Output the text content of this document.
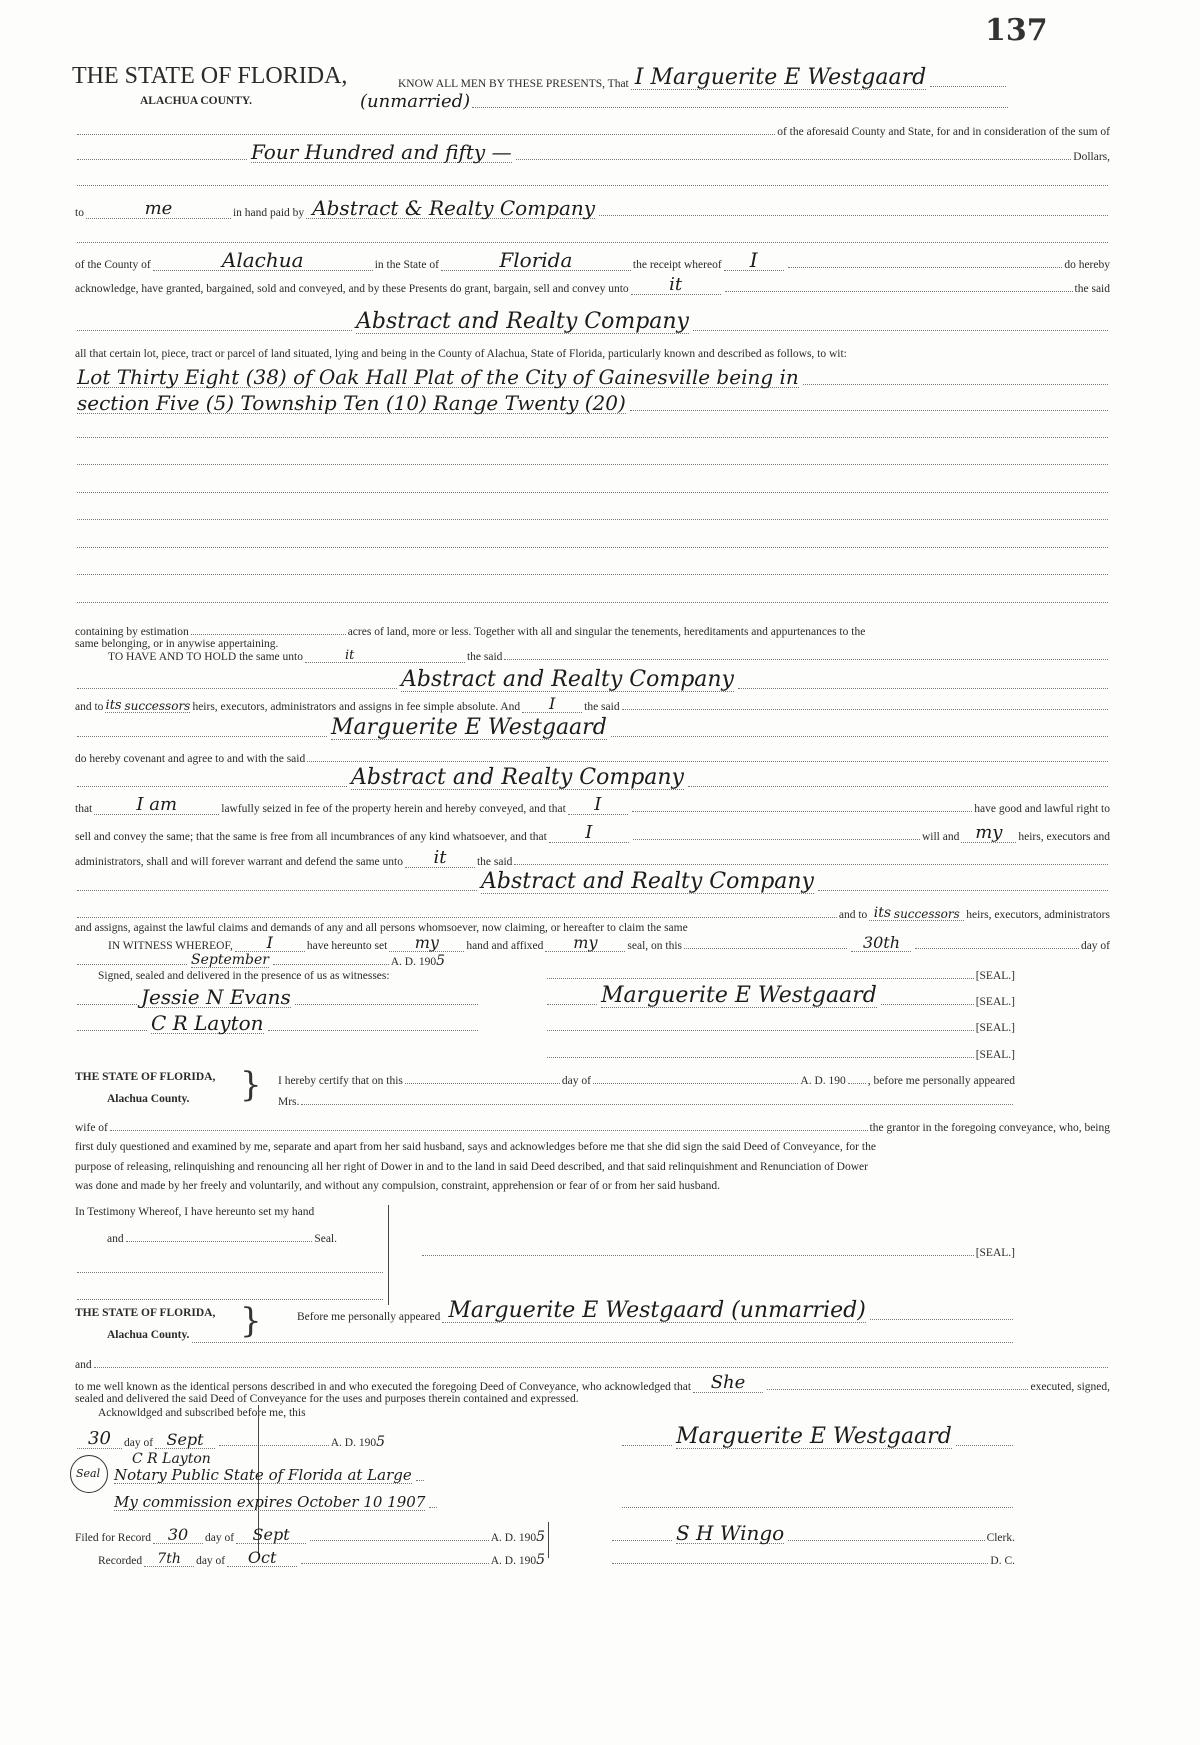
137
THE STATE OF FLORIDA,
ALACHUA COUNTY.
KNOW ALL MEN BY THESE PRESENTS, That I Marguerite E Westgaard
(unmarried)
of the aforesaid County and State, for and in consideration of the sum of
Four Hundred and fifty —	Dollars,
to	me	in hand paid by Abstract & Realty Company
of the County of	Alachua	in the State of	Florida	the receipt whereof I	do hereby
acknowledge, have granted, bargained, sold and conveyed, and by these Presents do grant, bargain, sell and convey unto it	the said
Abstract and Realty Company
all that certain lot, piece, tract or parcel of land situated, lying and being in the County of Alachua, State of Florida, particularly known and described as follows, to wit:
Lot Thirty Eight (38) of Oak Hall Plat of the City of Gainesville being in
section Five (5) Township Ten (10) Range Twenty (20)
containing by estimation	acres of land, more or less. Together with all and singular the tenements, hereditaments and appurtenances to the
same belonging, or in anywise appertaining.
TO HAVE AND TO HOLD the same unto	it	the said
Abstract and Realty Company
and to its
successors heirs, executors, administrators and assigns in fee simple absolute. And I	the said
Marguerite E Westgaard
do hereby covenant and agree to and with the said
Abstract and Realty Company
that I am	lawfully seized in fee of the property herein and hereby conveyed, and that I	have good and lawful right to
sell and convey the same; that the same is free from all incumbrances of any kind whatsoever, and that I	will and my heirs, executors and
administrators, shall and will forever warrant and defend the same unto it	the said
Abstract and Realty Company
and to its
successors heirs, executors, administrators
and assigns, against the lawful claims and demands of any and all persons whomsoever, now claiming, or hereafter to claim the same
IN WITNESS WHEREOF, I	have hereunto set my hand and affixed my	seal, on this	30th	day of
September	A. D. 190 5
Signed, sealed and delivered in the presence of us as witnesses:	[SEAL.]
Jessie N Evans	Marguerite E Westgaard	[SEAL.]
C R Layton	[SEAL.]
[SEAL.]
THE STATE OF FLORIDA,
Alachua County. } I hereby certify that on this	day of	A. D. 190 , before me personally appeared
Mrs.
wife of	the grantor in the foregoing conveyance, who, being
first duly questioned and examined by me, separate and apart from her said husband, says and acknowledges before me that she did sign the said Deed of Conveyance, for the
purpose of releasing, relinquishing and renouncing all her right of Dower in and to the land in said Deed described, and that said relinquishment and Renunciation of Dower
was done and made by her freely and voluntarily, and without any compulsion, constraint, apprehension or fear of or from her said husband.
In Testimony Whereof, I have hereunto set my hand
and	Seal.
[SEAL.]
THE STATE OF FLORIDA,
Alachua County. }	Before me personally appeared Marguerite E Westgaard (unmarried)
and
to me well known as the identical persons described in and who executed the foregoing Deed of Conveyance, who acknowledged that She	executed, signed,
sealed and delivered the said Deed of Conveyance for the uses and purposes therein contained and expressed.
Acknowldged and subscribed before me, this
30 day of Sept	A. D. 190 5
C R Layton
Notary Public State of Florida at Large
My commission expires October 10 1907
Seal
Marguerite E Westgaard
Filed for Record 30 day of Sept	A. D. 190 5
Recorded 7th day of Oct	A. D. 190 5
S H Wingo	Clerk.
D. C.
